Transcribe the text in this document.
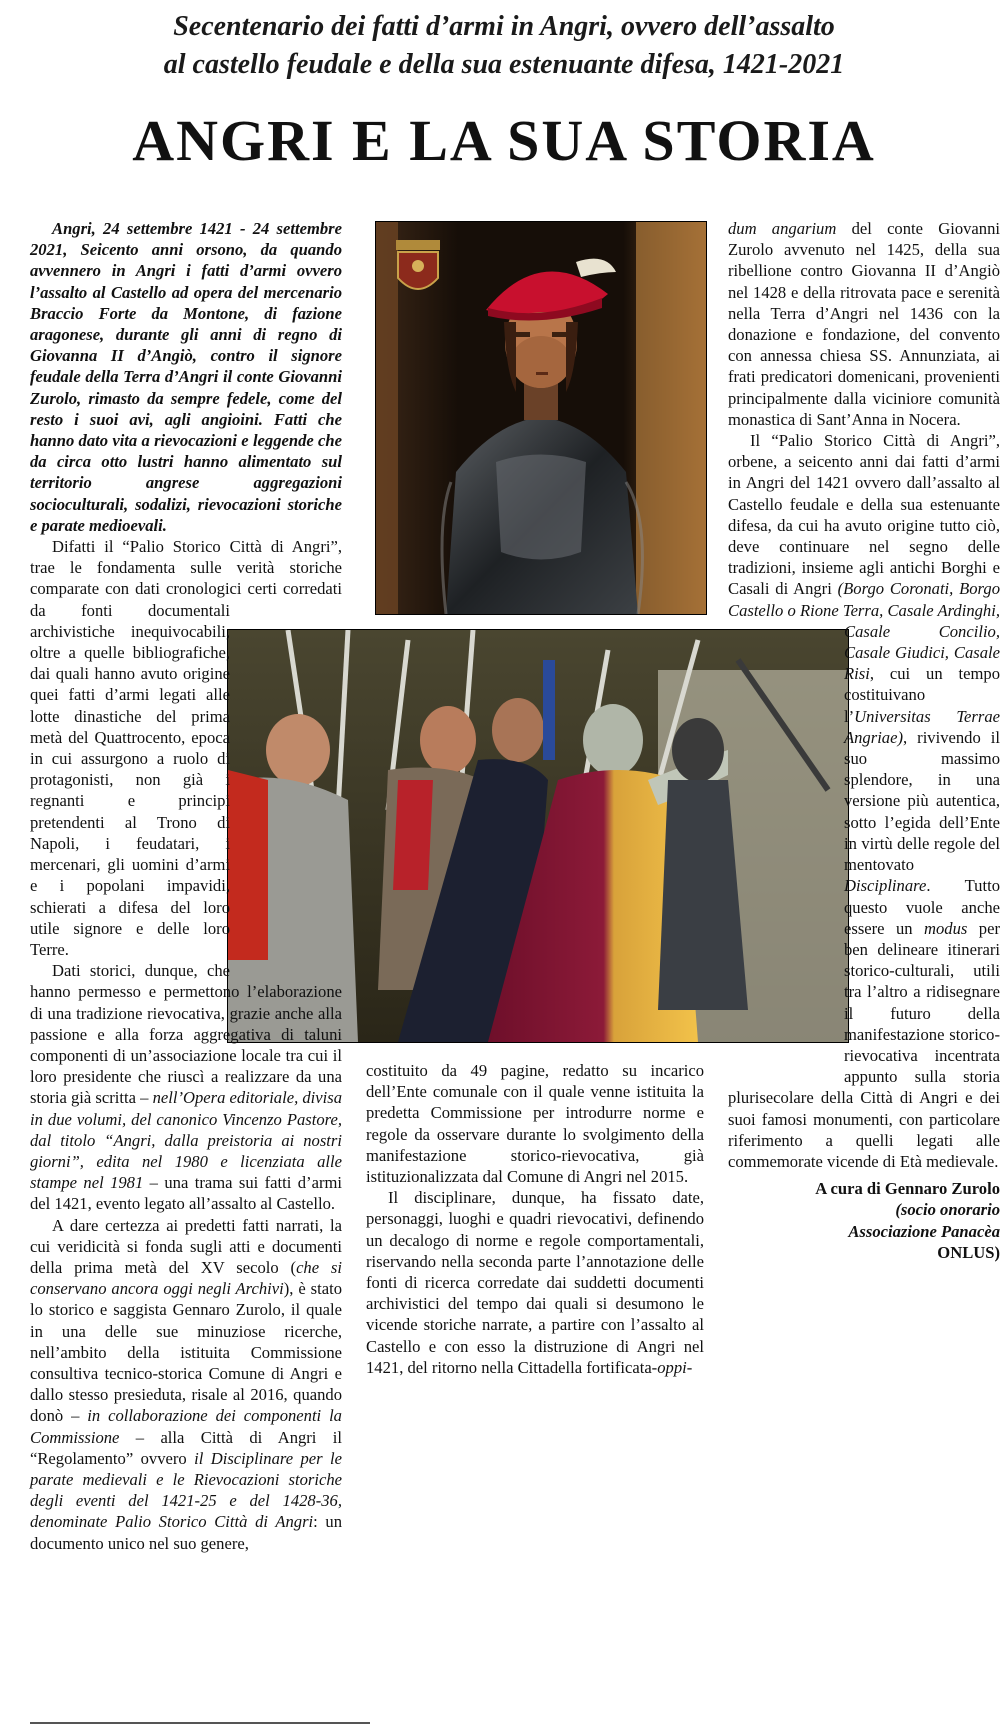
Secentenario dei fatti d’armi in Angri, ovvero dell’assalto
al castello feudale e della sua estenuante difesa, 1421-2021
ANGRI E LA SUA STORIA

Angri, 24 settembre 1421 - 24 settembre 2021, Seicento anni orsono, da quando avvennero in Angri i fatti d’armi ovvero l’assalto al Castello ad opera del mercenario Braccio Forte da Montone, di fazione aragonese, durante gli anni di regno di Giovanna II d’Angiò, contro il signore feudale della Terra d’Angri il conte Giovanni Zurolo, rimasto da sempre fedele, come del resto i suoi avi, agli angioini. Fatti che hanno dato vita a rievocazioni e leggende che da circa otto lustri hanno alimentato sul territorio angrese aggregazioni socioculturali, sodalizi, rievocazioni storiche e parate medioevali.

Difatti il “Palio Storico Città di Angri”, trae le fondamenta sulle verità storiche comparate con dati cronologici certi corredati da fonti documentali archivistiche inequivocabili, oltre a quelle bibliografiche, dai quali hanno avuto origine quei fatti d’armi legati alle lotte dinastiche del prima metà del Quattrocento, epoca in cui assurgono a ruolo di protagonisti, non già i regnanti e principi pretendenti al Trono di Napoli, i feudatari, i mercenari, gli uomini d’armi e i popolani impavidi, schierati a difesa del loro utile signore e delle loro Terre.

Dati storici, dunque, che hanno permesso e permettono l’elaborazione di una tradizione rievocativa, grazie anche alla passione e alla forza aggregativa di taluni componenti di un’associazione locale tra cui il loro presidente che riuscì a realizzare da una storia già scritta – nell’Opera editoriale, divisa in due volumi, del canonico Vincenzo Pastore, dal titolo “Angri, dalla preistoria ai nostri giorni”, edita nel 1980 e licenziata alle stampe nel 1981 – una trama sui fatti d’armi del 1421, evento legato all’assalto al Castello.

A dare certezza ai predetti fatti narrati, la cui veridicità si fonda sugli atti e documenti della prima metà del XV secolo (che si conservano ancora oggi negli Archivi), è stato lo storico e saggista Gennaro Zurolo, il quale in una delle sue minuziose ricerche, nell’ambito della istituita Commissione consultiva tecnico-storica Comune di Angri e dallo stesso presieduta, risale al 2016, quando donò – in collaborazione dei componenti la Commissione – alla Città di Angri il “Regolamento” ovvero il Disciplinare per le parate medievali e le Rievocazioni storiche degli eventi del 1421-25 e del 1428-36, denominate Palio Storico Città di Angri: un documento unico nel suo genere,

costituito da 49 pagine, redatto su incarico dell’Ente comunale con il quale venne istituita la predetta Commissione per introdurre norme e regole da osservare durante lo svolgimento della manifestazione storico-rievocativa, già istituzionalizzata dal Comune di Angri nel 2015.

Il disciplinare, dunque, ha fissato date, personaggi, luoghi e quadri rievocativi, definendo un decalogo di norme e regole comportamentali, riservando nella seconda parte l’annotazione delle fonti di ricerca corredate dai suddetti documenti archivistici del tempo dai quali si desumono le vicende storiche narrate, a partire con l’assalto al Castello e con esso la distruzione di Angri nel 1421, del ritorno nella Cittadella fortificata-oppi-

dum angarium del conte Giovanni Zurolo avvenuto nel 1425, della sua ribellione contro Giovanna II d’Angiò nel 1428 e della ritrovata pace e serenità nella Terra d’Angri nel 1436 con la donazione e fondazione, del convento con annessa chiesa SS. Annunziata, ai frati predicatori domenicani, provenienti principalmente dalla viciniore comunità monastica di Sant’Anna in Nocera.

Il “Palio Storico Città di Angri”, orbene, a seicento anni dai fatti d’armi in Angri del 1421 ovvero dall’assalto al Castello feudale e della sua estenuante difesa, da cui ha avuto origine tutto ciò, deve continuare nel segno delle tradizioni, insieme agli antichi Borghi e Casali di Angri (Borgo Coronati, Borgo Castello o Rione Terra, Casale Ardinghi, Casale Concilio, Casale Giudici, Casale Risi, cui un tempo costituivano l’Universitas Terrae Angriae), rivivendo il suo massimo splendore, in una versione più autentica, sotto l’egida dell’Ente in virtù delle regole del mentovato Disciplinare. Tutto questo vuole anche essere un modus per ben delineare itinerari storico-culturali, utili tra l’altro a ridisegnare il futuro della manifestazione storico-rievocativa incentrata appunto sulla storia plurisecolare della Città di Angri e dei suoi famosi monumenti, con particolare riferimento a quelli legati alle commemorate vicende di Età medievale.

A cura di Gennaro Zurolo

(socio onorario

Associazione Panacèa

ONLUS)
